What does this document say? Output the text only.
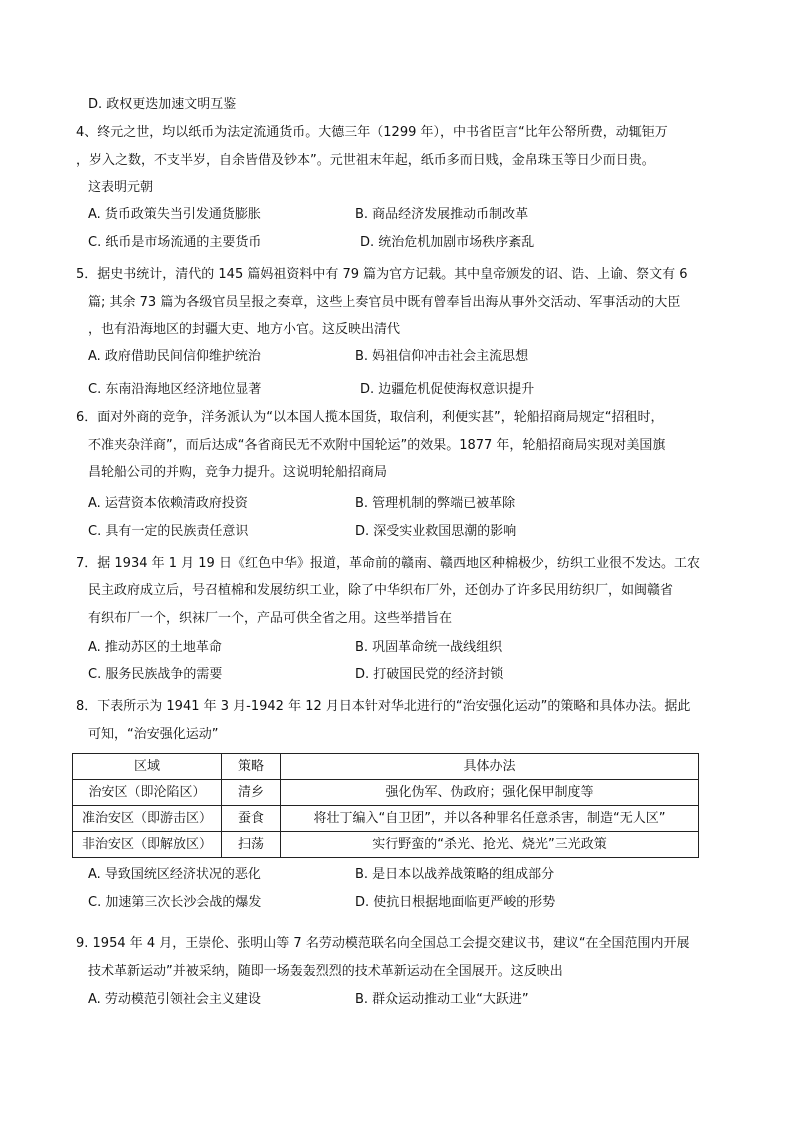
D. 政权更迭加速文明互鉴
4、终元之世，均以纸币为法定流通货币。大德三年（1299 年），中书省臣言“比年公帑所费，动辄钜万
，岁入之数，不支半岁，自余皆借及钞本”。元世祖末年起，纸币多而日贱，金帛珠玉等日少而日贵。
这表明元朝
A. 货币政策失当引发通货膨胀	B. 商品经济发展推动币制改革
C. 纸币是市场流通的主要货币	D. 统治危机加剧市场秩序紊乱
5．据史书统计，清代的 145 篇妈祖资料中有 79 篇为官方记载。其中皇帝颁发的诏、诰、上谕、祭文有 6
篇; 其余 73 篇为各级官员呈报之奏章，这些上奏官员中既有曾奉旨出海从事外交活动、军事活动的大臣
，也有沿海地区的封疆大吏、地方小官。这反映出清代
A. 政府借助民间信仰维护统治	B. 妈祖信仰冲击社会主流思想
C. 东南沿海地区经济地位显著	D. 边疆危机促使海权意识提升
6．面对外商的竞争，洋务派认为“以本国人揽本国货，取信利，利便实甚”，轮船招商局规定“招租时，
不准夹杂洋商”，而后达成“各省商民无不欢附中国轮运”的效果。1877 年，轮船招商局实现对美国旗
昌轮船公司的并购，竞争力提升。这说明轮船招商局
A. 运营资本依赖清政府投资	B. 管理机制的弊端已被革除
C. 具有一定的民族责任意识	D. 深受实业救国思潮的影响
7．据 1934 年 1 月 19 日《红色中华》报道，革命前的赣南、赣西地区种棉极少，纺织工业很不发达。工农
民主政府成立后，号召植棉和发展纺织工业，除了中华织布厂外，还创办了许多民用纺织厂，如闽赣省
有织布厂一个，织袜厂一个，产品可供全省之用。这些举措旨在
A. 推动苏区的土地革命	B. 巩固革命统一战线组织
C. 服务民族战争的需要	D. 打破国民党的经济封锁
8．下表所示为 1941 年 3 月-1942 年 12 月日本针对华北进行的“治安强化运动”的策略和具体办法。据此
可知，“治安强化运动”
区域	策略	具体办法
治安区（即沦陷区）	清乡	强化伪军、伪政府；强化保甲制度等
准治安区（即游击区）	蚕食	将壮丁编入“自卫团”，并以各种罪名任意杀害，制造“无人区”
非治安区（即解放区）	扫荡	实行野蛮的“杀光、抢光、烧光”三光政策
A. 导致国统区经济状况的恶化	B. 是日本以战养战策略的组成部分
C. 加速第三次长沙会战的爆发	D. 使抗日根据地面临更严峻的形势
9. 1954 年 4 月，王崇伦、张明山等 7 名劳动模范联名向全国总工会提交建议书，建议“在全国范围内开展
技术革新运动”并被采纳，随即一场轰轰烈烈的技术革新运动在全国展开。这反映出
A. 劳动模范引领社会主义建设	B. 群众运动推动工业“大跃进”
